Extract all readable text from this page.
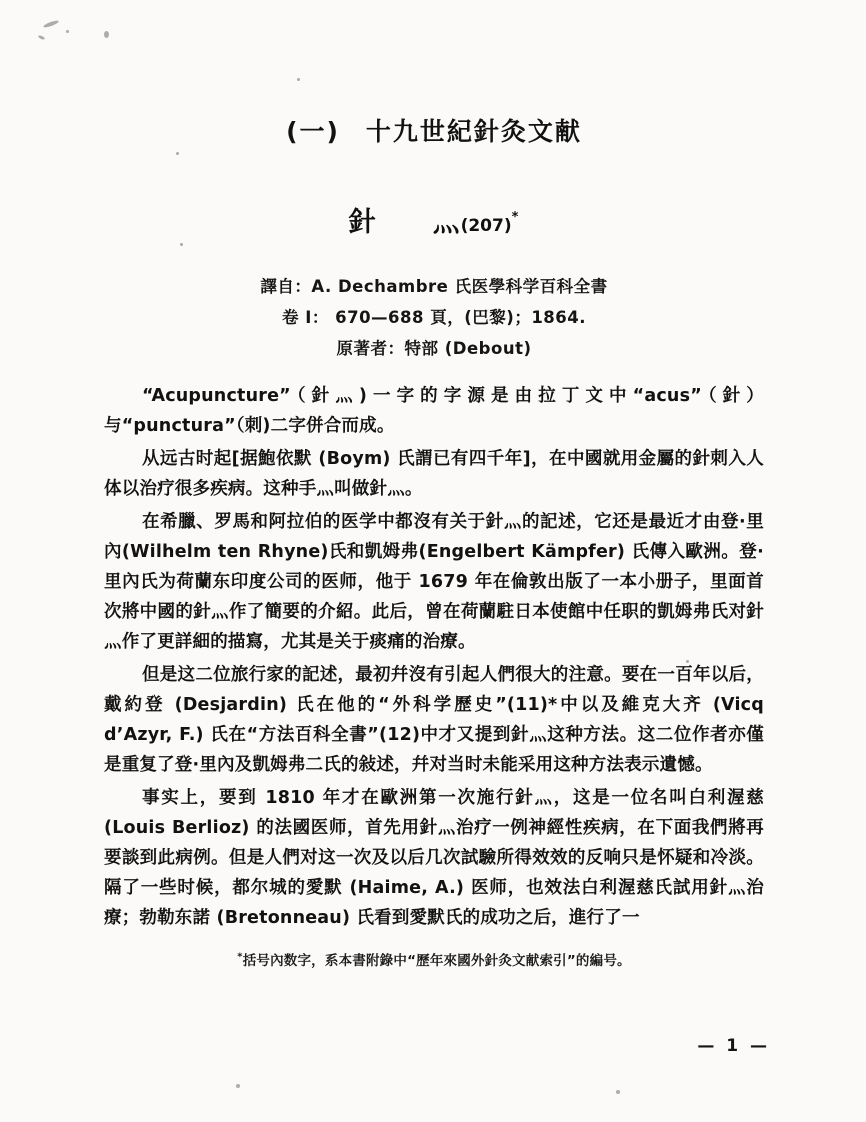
(一) 十九世紀針灸文献
針 灬(207)*
譯自：A. Dechambre 氏医學科学百科全書
卷 I： 670—688 頁，(巴黎)；1864.
原著者：特部 (Debout)

“Acupuncture”（針灬)一字的字源是由拉丁文中“acus”（針）与“punctura”（刺)二字併合而成。

从远古时起[据鮑依默 (Boym) 氏謂已有四千年]，在中國就用金屬的針刺入人体以治疗很多疾病。这种手灬叫做針灬。

在希臘、罗馬和阿拉伯的医学中都沒有关于針灬的記述，它还是最近才由登·里內(Wilhelm ten Rhyne)氏和凱姆弗(Engelbert Kämpfer) 氏傳入歐洲。登·里內氏为荷蘭东印度公司的医师，他于 1679 年在倫敦出版了一本小册子，里面首次將中國的針灬作了簡要的介紹。此后，曾在荷蘭駐日本使館中任职的凱姆弗氏对針灬作了更詳細的描寫，尤其是关于痰痛的治療。

但是这二位旅行家的記述，最初幷沒有引起人們很大的注意。要在一百年以后，戴約登 (Desjardin) 氏在他的“外科学歷史”(11)*中以及維克大齐 (Vicq d’Azyr, F.) 氏在“方法百科全書”(12)中才又提到針灬这种方法。这二位作者亦僅是重复了登·里內及凱姆弗二氏的敍述，幷对当时未能采用这种方法表示遺憾。

事实上，要到 1810 年才在歐洲第一次施行針灬，这是一位名叫白利渥慈 (Louis Berlioz) 的法國医师，首先用針灬治疗一例神經性疾病，在下面我們將再要談到此病例。但是人們对这一次及以后几次試驗所得效效的反响只是怀疑和冷淡。隔了一些时候，都尔城的愛默 (Haime, A.) 医师，也效法白利渥慈氏試用針灬治療；勃勒东諾 (Bretonneau) 氏看到愛默氏的成功之后，進行了一

*括号內数字，系本書附錄中“歷年來國外針灸文献索引”的編号。
— 1 —
